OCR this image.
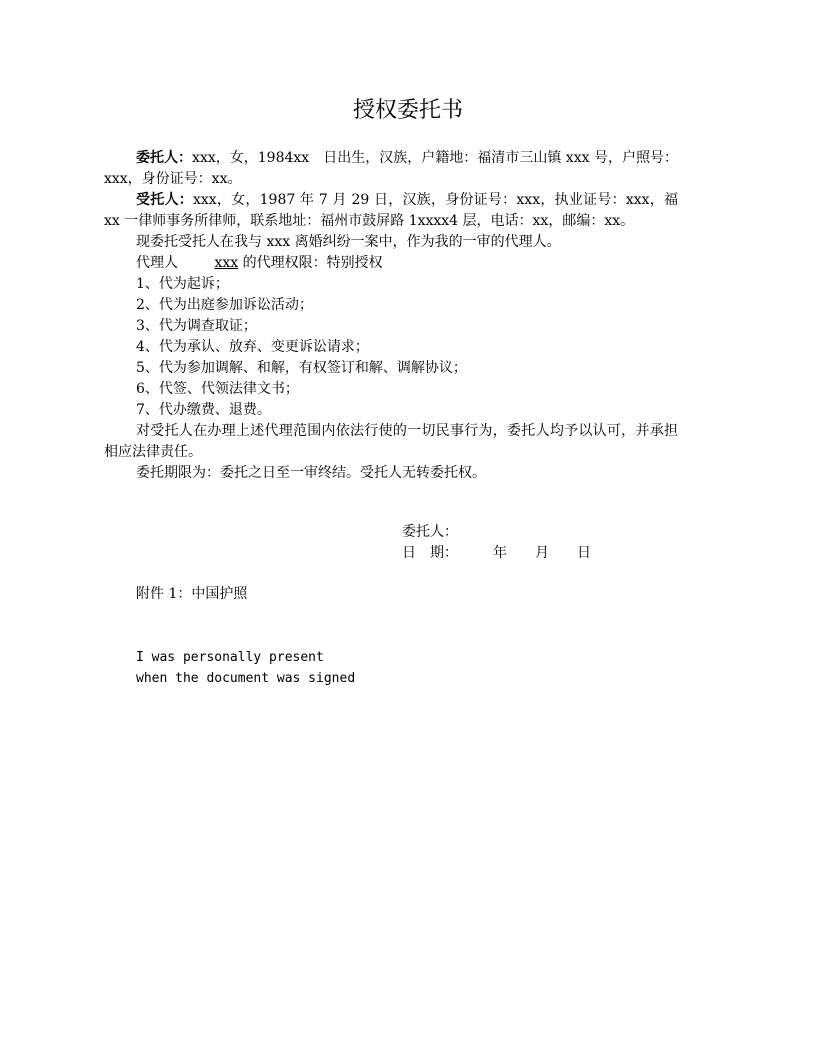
授权委托书

委托人：xxx，女，1984xx　日出生，汉族，户籍地：福清市三山镇 xxx 号，户照号：xxx，身份证号：xx。

受托人：xxx，女，1987 年 7 月 29 日，汉族，身份证号：xxx，执业证号：xxx，福 xx 一律师事务所律师，联系地址：福州市鼓屏路 1xxxx4 层，电话：xx，邮编：xx。

现委托受托人在我与 xxx 离婚纠纷一案中，作为我的一审的代理人。

代理人	xxx 的代理权限：特别授权

1、代为起诉；

2、代为出庭参加诉讼活动；

3、代为调查取证；

4、代为承认、放弃、变更诉讼请求；

5、代为参加调解、和解，有权签订和解、调解协议；

6、代签、代领法律文书；

7、代办缴费、退费。

对受托人在办理上述代理范围内依法行使的一切民事行为，委托人均予以认可，并承担相应法律责任。

委托期限为：委托之日至一审终结。受托人无转委托权。

委托人：
日　期：　　　年　　月　　日
附件 1：中国护照
I was personally present
when the document was signed
